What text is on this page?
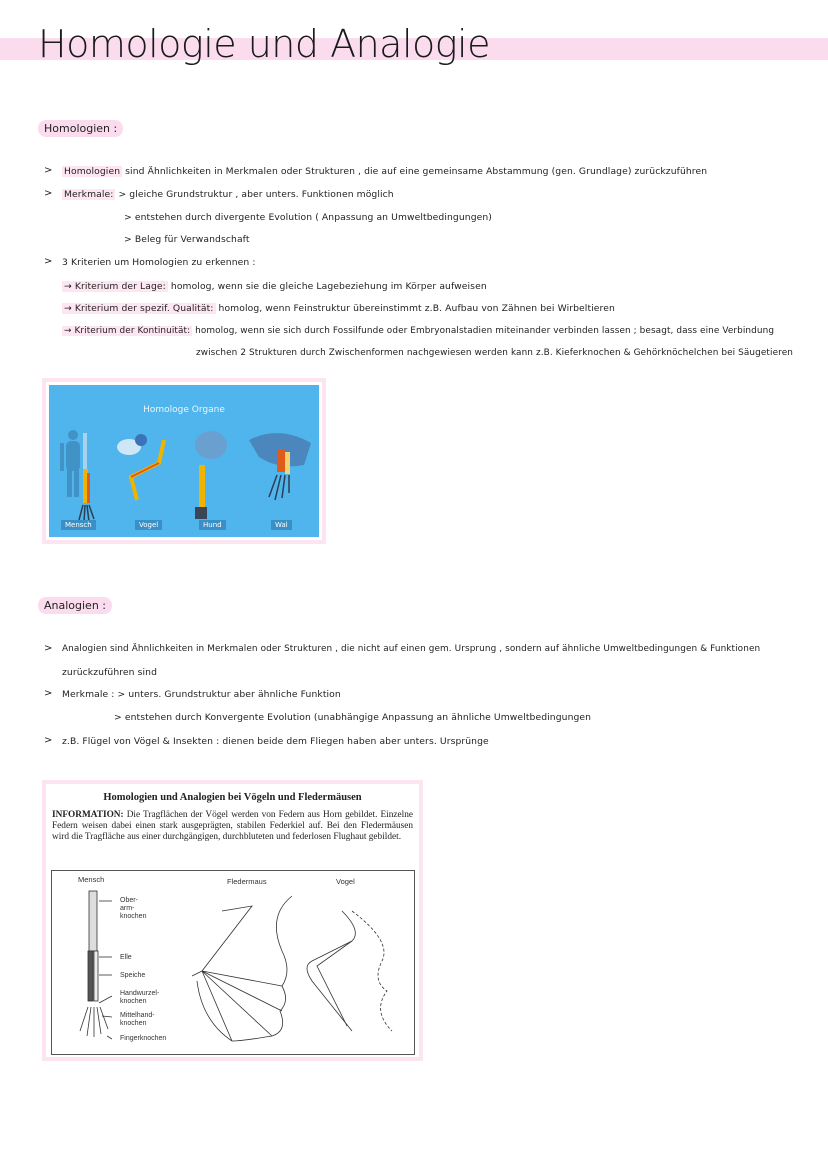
Homologie und Analogie
Homologien :
> Homologien sind Ähnlichkeiten in Merkmalen oder Strukturen , die auf eine gemeinsame Abstammung (gen. Grundlage) zurückzuführen
> Merkmale: > gleiche Grundstruktur , aber unters. Funktionen möglich
> entstehen durch divergente Evolution ( Anpassung an Umweltbedingungen)
> Beleg für Verwandschaft
> 3 Kriterien um Homologien zu erkennen :
→ Kriterium der Lage: homolog, wenn sie die gleiche Lagebeziehung im Körper aufweisen
→ Kriterium der spezif. Qualität: homolog, wenn Feinstruktur übereinstimmt z.B. Aufbau von Zähnen bei Wirbeltieren
→ Kriterium der Kontinuität: homolog, wenn sie sich durch Fossilfunde oder Embryonalstadien miteinander verbinden lassen ; besagt, dass eine Verbindung
zwischen 2 Strukturen durch Zwischenformen nachgewiesen werden kann z.B. Kieferknochen & Gehörknöchelchen bei Säugetieren
Homologe Organe
Mensch	Vogel	Hund	Wal
Analogien :
> Analogien sind Ähnlichkeiten in Merkmalen oder Strukturen , die nicht auf einen gem. Ursprung , sondern auf ähnliche Umweltbedingungen & Funktionen
zurückzuführen sind
> Merkmale : > unters. Grundstruktur aber ähnliche Funktion
> entstehen durch Konvergente Evolution (unabhängige Anpassung an ähnliche Umweltbedingungen
> z.B. Flügel von Vögel & Insekten : dienen beide dem Fliegen haben aber unters. Ursprünge
Homologien und Analogien bei Vögeln und Fledermäusen

INFORMATION: Die Tragflächen der Vögel werden von Federn aus Horn gebildet. Einzelne Federn weisen dabei einen stark ausgeprägten, stabilen Federkiel auf. Bei den Fledermäusen wird die Tragfläche aus einer durchgängigen, durchbluteten und federlosen Flughaut gebildet.

Mensch	Fledermaus	Vogel
Ober-
arm-
knochen
Elle
Speiche
Handwurzel-
knochen
Mittelhand-
knochen
Fingerknochen
